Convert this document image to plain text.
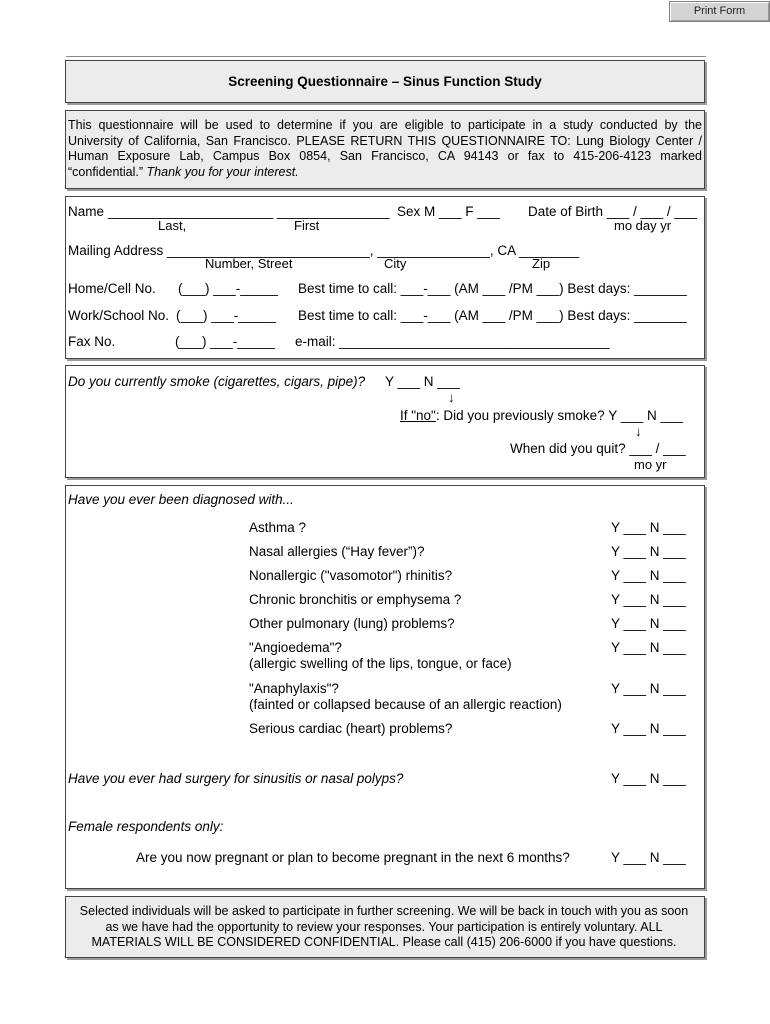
Print Form
Screening Questionnaire – Sinus Function Study
This questionnaire will be used to determine if you are eligible to participate in a study conducted by the
University of California, San Francisco. PLEASE RETURN THIS QUESTIONNAIRE TO: Lung Biology Center /
Human Exposure Lab, Campus Box 0854, San Francisco, CA 94143 or fax to 415-206-4123 marked
“confidential.” Thank you for your interest.
Name ______________________ _______________ Sex M ___ F ___ Date of Birth ___ / ___ / ___
Last,	First	mo day yr
Mailing Address ___________________________, _______________, CA ________
Number, Street	City	Zip
Home/Cell No. (___) ___-_____ Best time to call: ___-___ (AM ___ /PM ___) Best days: _______
Work/School No. (___) ___-_____ Best time to call: ___-___ (AM ___ /PM ___) Best days: _______
Fax No.	(___) ___-_____ e-mail: ____________________________________
Do you currently smoke (cigarettes, cigars, pipe)? Y ___ N ___
↓
If "no": Did you previously smoke? Y ___ N ___
↓
When did you quit? ___ / ___
mo yr
Have you ever been diagnosed with...
Asthma ?	Y ___ N ___
Nasal allergies (“Hay fever”)?	Y ___ N ___
Nonallergic ("vasomotor") rhinitis?	Y ___ N ___
Chronic bronchitis or emphysema ?	Y ___ N ___
Other pulmonary (lung) problems?	Y ___ N ___
"Angioedema"?
(allergic swelling of the lips, tongue, or face)
Y ___ N ___
"Anaphylaxis"?
(fainted or collapsed because of an allergic reaction)
Y ___ N ___
Serious cardiac (heart) problems?	Y ___ N ___
Have you ever had surgery for sinusitis or nasal polyps?	Y ___ N ___
Female respondents only:
Are you now pregnant or plan to become pregnant in the next 6 months?	Y ___ N ___
Selected individuals will be asked to participate in further screening. We will be back in touch with you as soon
as we have had the opportunity to review your responses. Your participation is entirely voluntary. ALL
MATERIALS WILL BE CONSIDERED CONFIDENTIAL. Please call (415) 206-6000 if you have questions.
